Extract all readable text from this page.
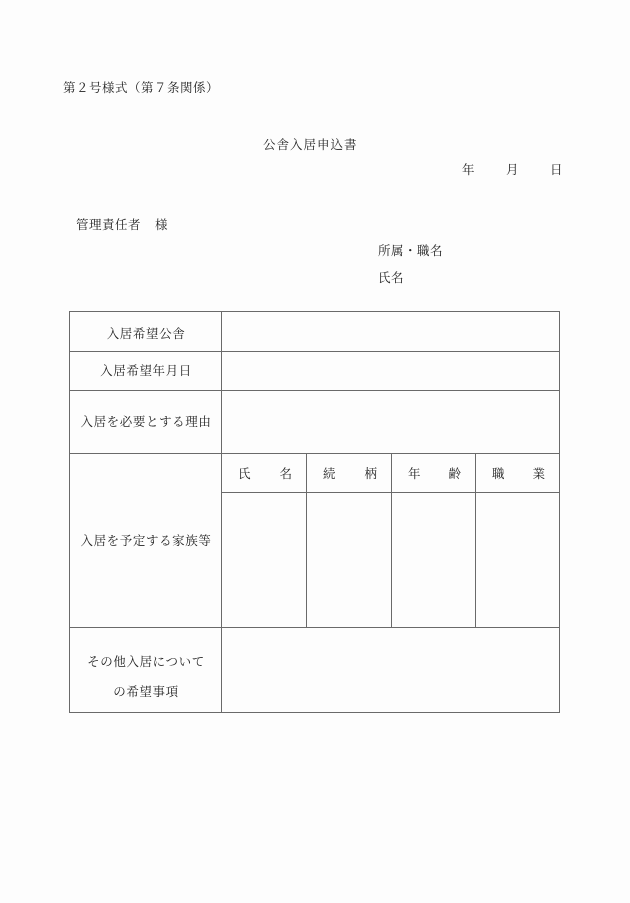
第２号様式（第７条関係）
公舎入居申込書
年	月	日
管理責任者 様
所属・職名
氏名
入居希望公舎
入居希望年月日
入居を必要とする理由
入居を予定する家族等
その他入居について
の希望事項
氏 名 続 柄 年 齢 職 業
